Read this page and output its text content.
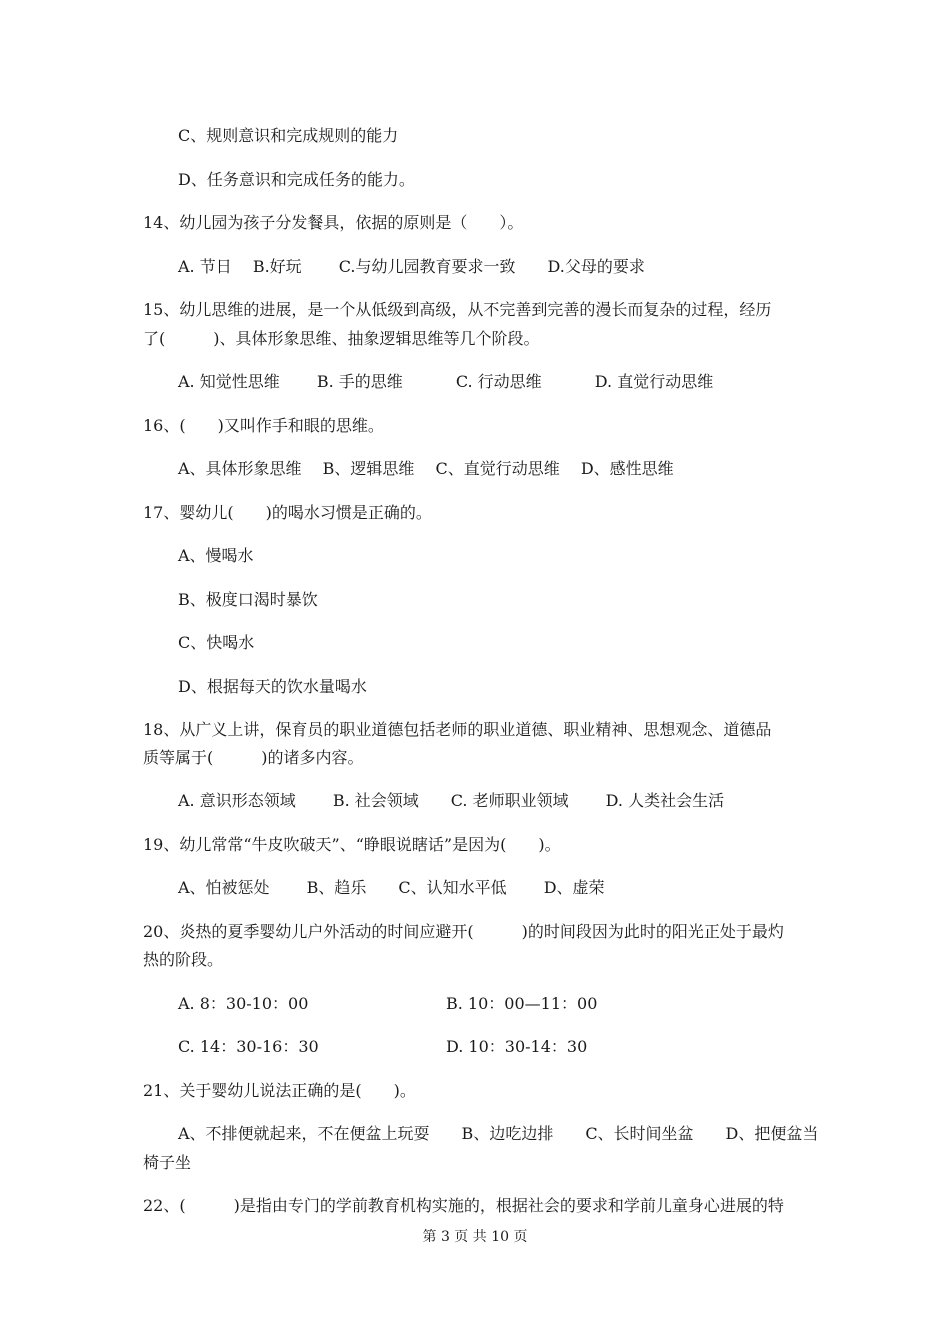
C、规则意识和完成规则的能力
D、任务意识和完成任务的能力。
14、幼儿园为孩子分发餐具，依据的原则是（　　）。
A. 节日　 B.好玩　　 C.与幼儿园教育要求一致　　D.父母的要求
15、幼儿思维的进展，是一个从低级到高级，从不完善到完善的漫长而复杂的过程，经历
了(　　　)、具体形象思维、抽象逻辑思维等几个阶段。
A. 知觉性思维　　 B. 手的思维　　　 C. 行动思维　　　 D. 直觉行动思维
16、(　　)又叫作手和眼的思维。
A、具体形象思维　 B、逻辑思维　 C、直觉行动思维　 D、感性思维
17、婴幼儿(　　)的喝水习惯是正确的。
A、慢喝水
B、极度口渴时暴饮
C、快喝水
D、根据每天的饮水量喝水
18、从广义上讲，保育员的职业道德包括老师的职业道德、职业精神、思想观念、道德品
质等属于(　　　)的诸多内容。
A. 意识形态领域　　 B. 社会领域　　C. 老师职业领域　　 D. 人类社会生活
19、幼儿常常“牛皮吹破天”、“睁眼说瞎话”是因为(　　)。
A、怕被惩处　　 B、趋乐　　C、认知水平低　　 D、虚荣
20、炎热的夏季婴幼儿户外活动的时间应避开(　　　)的时间段因为此时的阳光正处于最灼
热的阶段。
A. 8：30-10：00	B. 10：00—11：00
C. 14：30-16：30	D. 10：30-14：30
21、关于婴幼儿说法正确的是(　　)。
A、不排便就起来，不在便盆上玩耍　　B、边吃边排　　C、长时间坐盆　　D、把便盆当
椅子坐
22、(　　　)是指由专门的学前教育机构实施的，根据社会的要求和学前儿童身心进展的特
第 3 页 共 10 页
